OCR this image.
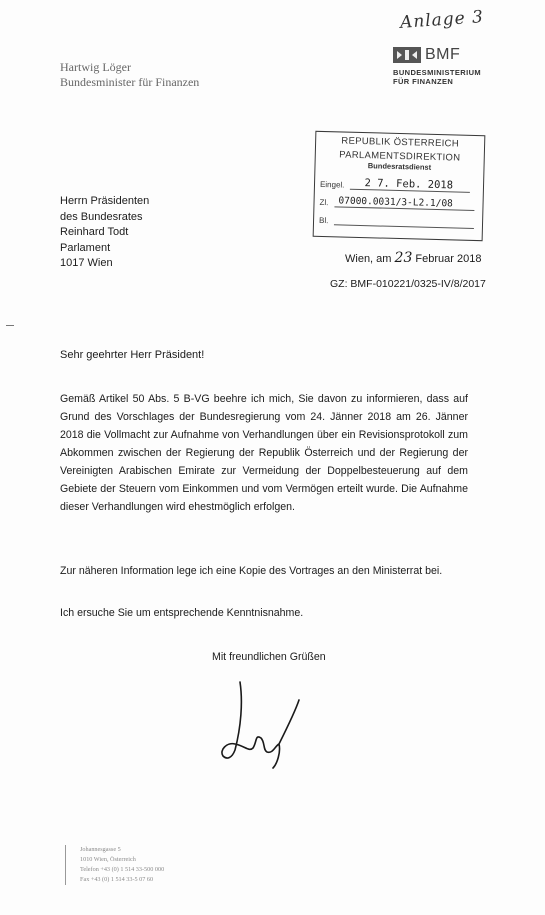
Anlage 3
Hartwig Löger
Bundesminister für Finanzen
BMF
BUNDESMINISTERIUM
FÜR FINANZEN
REPUBLIK ÖSTERREICH
PARLAMENTSDIREKTION
Bundesratsdienst
Eingel. 2 7. Feb. 2018
Zl. 07000.0031/3-L2.1/08
Bl.
Herrn Präsidenten
des Bundesrates
Reinhard Todt
Parlament
1017 Wien	Wien, am 23 Februar 2018
GZ: BMF-010221/0325-IV/8/2017
Sehr geehrter Herr Präsident!
Gemäß Artikel 50 Abs. 5 B-VG beehre ich mich, Sie davon zu informieren, dass auf Grund des Vorschlages der Bundesregierung vom 24. Jänner 2018 am 26. Jänner 2018 die Vollmacht zur Aufnahme von Verhandlungen über ein Revisionsprotokoll zum Abkommen zwischen der Regierung der Republik Österreich und der Regierung der Vereinigten Arabischen Emirate zur Vermeidung der Doppelbesteuerung auf dem Gebiete der Steuern vom Einkommen und vom Vermögen erteilt wurde. Die Aufnahme dieser Verhandlungen wird ehestmöglich erfolgen.
Zur näheren Information lege ich eine Kopie des Vortrages an den Ministerrat bei.
Ich ersuche Sie um entsprechende Kenntnisnahme.
Mit freundlichen Grüßen
Johannesgasse 5
1010 Wien, Österreich
Telefon +43 (0) 1 514 33-500 000
Fax +43 (0) 1 514 33-5 07 60
